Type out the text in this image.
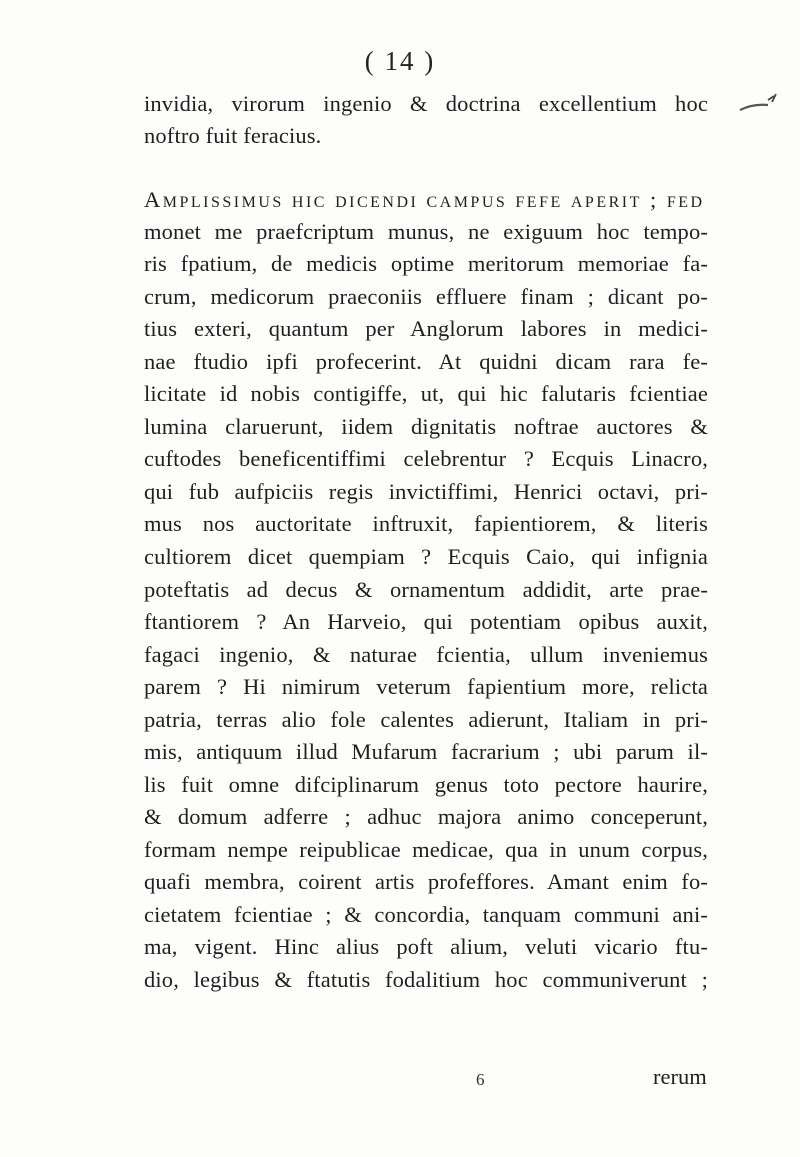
( 14 )
invidia, virorum ingenio & doctrina excellentium hoc
noftro fuit feracius.
Amplissimus hic dicendi campus fefe aperit ; fed
monet me praefcriptum munus, ne exiguum hoc tempo-
ris fpatium, de medicis optime meritorum memoriae fa-
crum, medicorum praeconiis effluere finam ; dicant po-
tius exteri, quantum per Anglorum labores in medici-
nae ftudio ipfi profecerint. At quidni dicam rara fe-
licitate id nobis contigiffe, ut, qui hic falutaris fcientiae
lumina claruerunt, iidem dignitatis noftrae auctores &
cuftodes beneficentiffimi celebrentur ? Ecquis Linacro,
qui fub aufpiciis regis invictiffimi, Henrici octavi, pri-
mus nos auctoritate inftruxit, fapientiorem, & literis
cultiorem dicet quempiam ? Ecquis Caio, qui infignia
poteftatis ad decus & ornamentum addidit, arte prae-
ftantiorem ? An Harveio, qui potentiam opibus auxit,
fagaci ingenio, & naturae fcientia, ullum inveniemus
parem ? Hi nimirum veterum fapientium more, relicta
patria, terras alio fole calentes adierunt, Italiam in pri-
mis, antiquum illud Mufarum facrarium ; ubi parum il-
lis fuit omne difciplinarum genus toto pectore haurire,
& domum adferre ; adhuc majora animo conceperunt,
formam nempe reipublicae medicae, qua in unum corpus,
quafi membra, coirent artis profeffores. Amant enim fo-
cietatem fcientiae ; & concordia, tanquam communi ani-
ma, vigent. Hinc alius poft alium, veluti vicario ftu-
dio, legibus & ftatutis fodalitium hoc communiverunt ;
6	rerum
